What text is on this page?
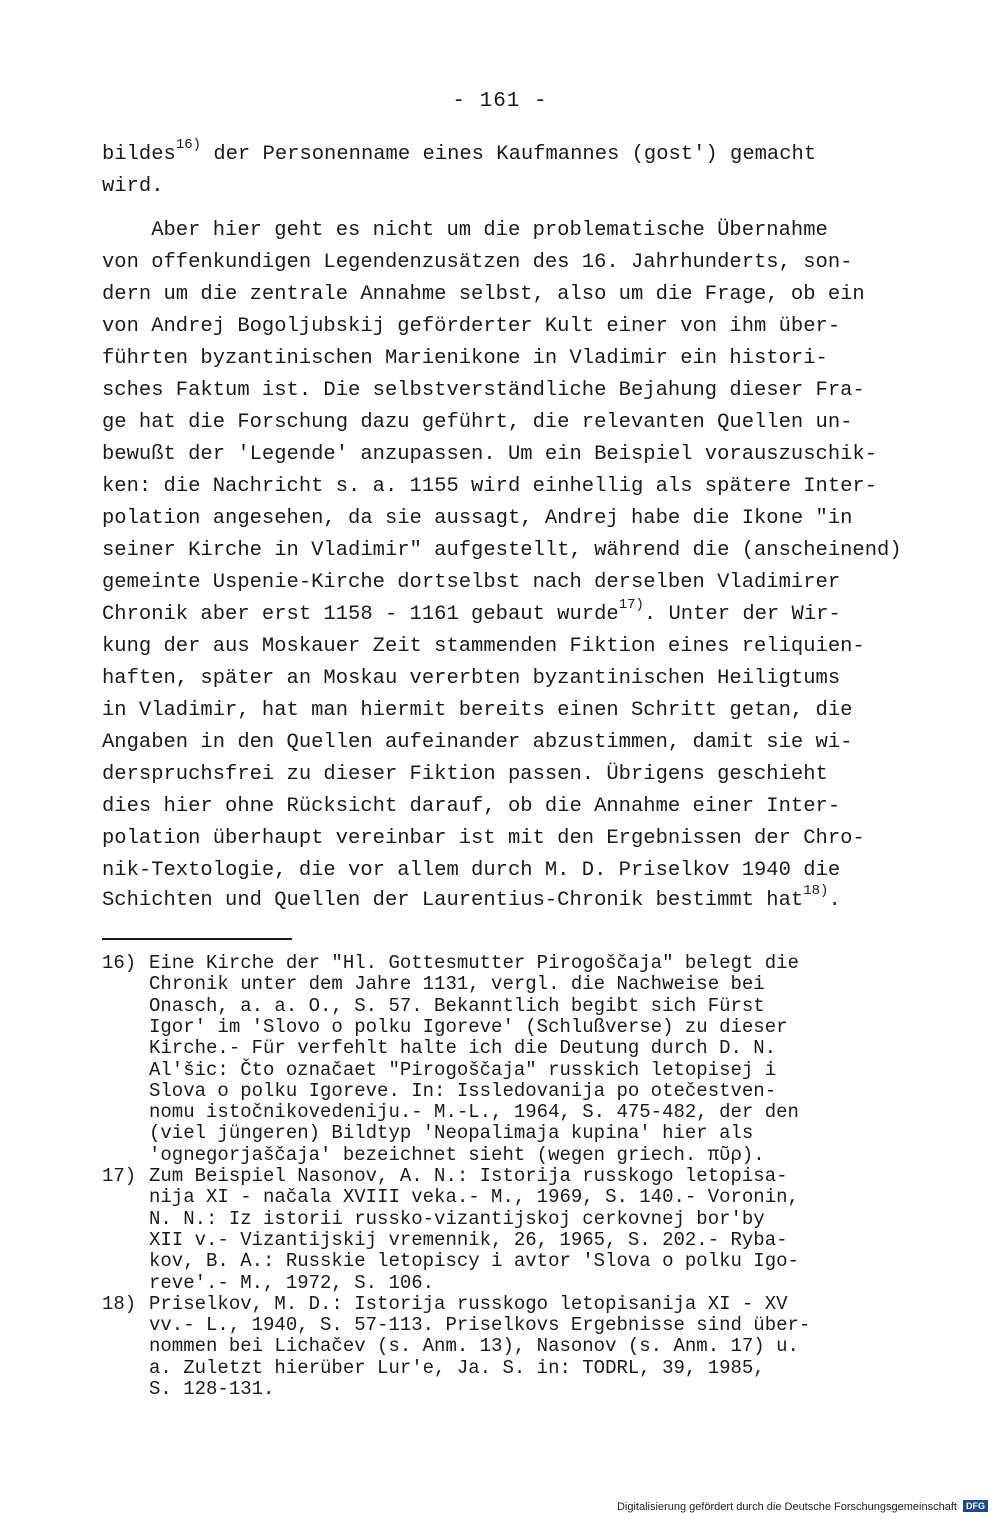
- 161 -
bildes$^{16)}$ der Personenname eines Kaufmannes (gost') gemacht
wird.
Aber hier geht es nicht um die problematische Übernahme
von offenkundigen Legendenzusätzen des 16. Jahrhunderts, son-
dern um die zentrale Annahme selbst, also um die Frage, ob ein
von Andrej Bogoljubskij geförderter Kult einer von ihm über-
führten byzantinischen Marienikone in Vladimir ein histori-
sches Faktum ist. Die selbstverständliche Bejahung dieser Fra-
ge hat die Forschung dazu geführt, die relevanten Quellen un-
bewußt der 'Legende' anzupassen. Um ein Beispiel vorauszuschik-
ken: die Nachricht s. a. 1155 wird einhellig als spätere Inter-
polation angesehen, da sie aussagt, Andrej habe die Ikone "in
seiner Kirche in Vladimir" aufgestellt, während die (anscheinend)
gemeinte Uspenie-Kirche dortselbst nach derselben Vladimirer
Chronik aber erst 1158 - 1161 gebaut wurde$^{17)}$. Unter der Wir-
kung der aus Moskauer Zeit stammenden Fiktion eines reliquien-
haften, später an Moskau vererbten byzantinischen Heiligtums
in Vladimir, hat man hiermit bereits einen Schritt getan, die
Angaben in den Quellen aufeinander abzustimmen, damit sie wi-
derspruchsfrei zu dieser Fiktion passen. Übrigens geschieht
dies hier ohne Rücksicht darauf, ob die Annahme einer Inter-
polation überhaupt vereinbar ist mit den Ergebnissen der Chro-
nik-Textologie, die vor allem durch M. D. Priselkov 1940 die
Schichten und Quellen der Laurentius-Chronik bestimmt hat$^{18)}$.
16) Eine Kirche der "Hl. Gottesmutter Pirogoščaja" belegt die
Chronik unter dem Jahre 1131, vergl. die Nachweise bei
Onasch, a. a. O., S. 57. Bekanntlich begibt sich Fürst
Igor' im 'Slovo o polku Igoreve' (Schlußverse) zu dieser
Kirche.- Für verfehlt halte ich die Deutung durch D. N.
Al'šic: Čto označaet "Pirogoščaja" russkich letopisej i
Slova o polku Igoreve. In: Issledovanija po otečestven-
nomu istočnikovedeniju.- M.-L., 1964, S. 475-482, der den
(viel jüngeren) Bildtyp 'Neopalimaja kupina' hier als
'ognegorjaščaja' bezeichnet sieht (wegen griech. πῦρ).
17) Zum Beispiel Nasonov, A. N.: Istorija russkogo letopisa-
nija XI - načala XVIII veka.- M., 1969, S. 140.- Voronin,
N. N.: Iz istorii russko-vizantijskoj cerkovnej bor'by
XII v.- Vizantijskij vremennik, 26, 1965, S. 202.- Ryba-
kov, B. A.: Russkie letopiscy i avtor 'Slova o polku Igo-
reve'.- M., 1972, S. 106.
18) Priselkov, M. D.: Istorija russkogo letopisanija XI - XV
vv.- L., 1940, S. 57-113. Priselkovs Ergebnisse sind über-
nommen bei Lichačev (s. Anm. 13), Nasonov (s. Anm. 17) u.
a. Zuletzt hierüber Lur'e, Ja. S. in: TODRL, 39, 1985,
S. 128-131.
Digitalisierung gefördert durch die Deutsche Forschungsgemeinschaft DFG
